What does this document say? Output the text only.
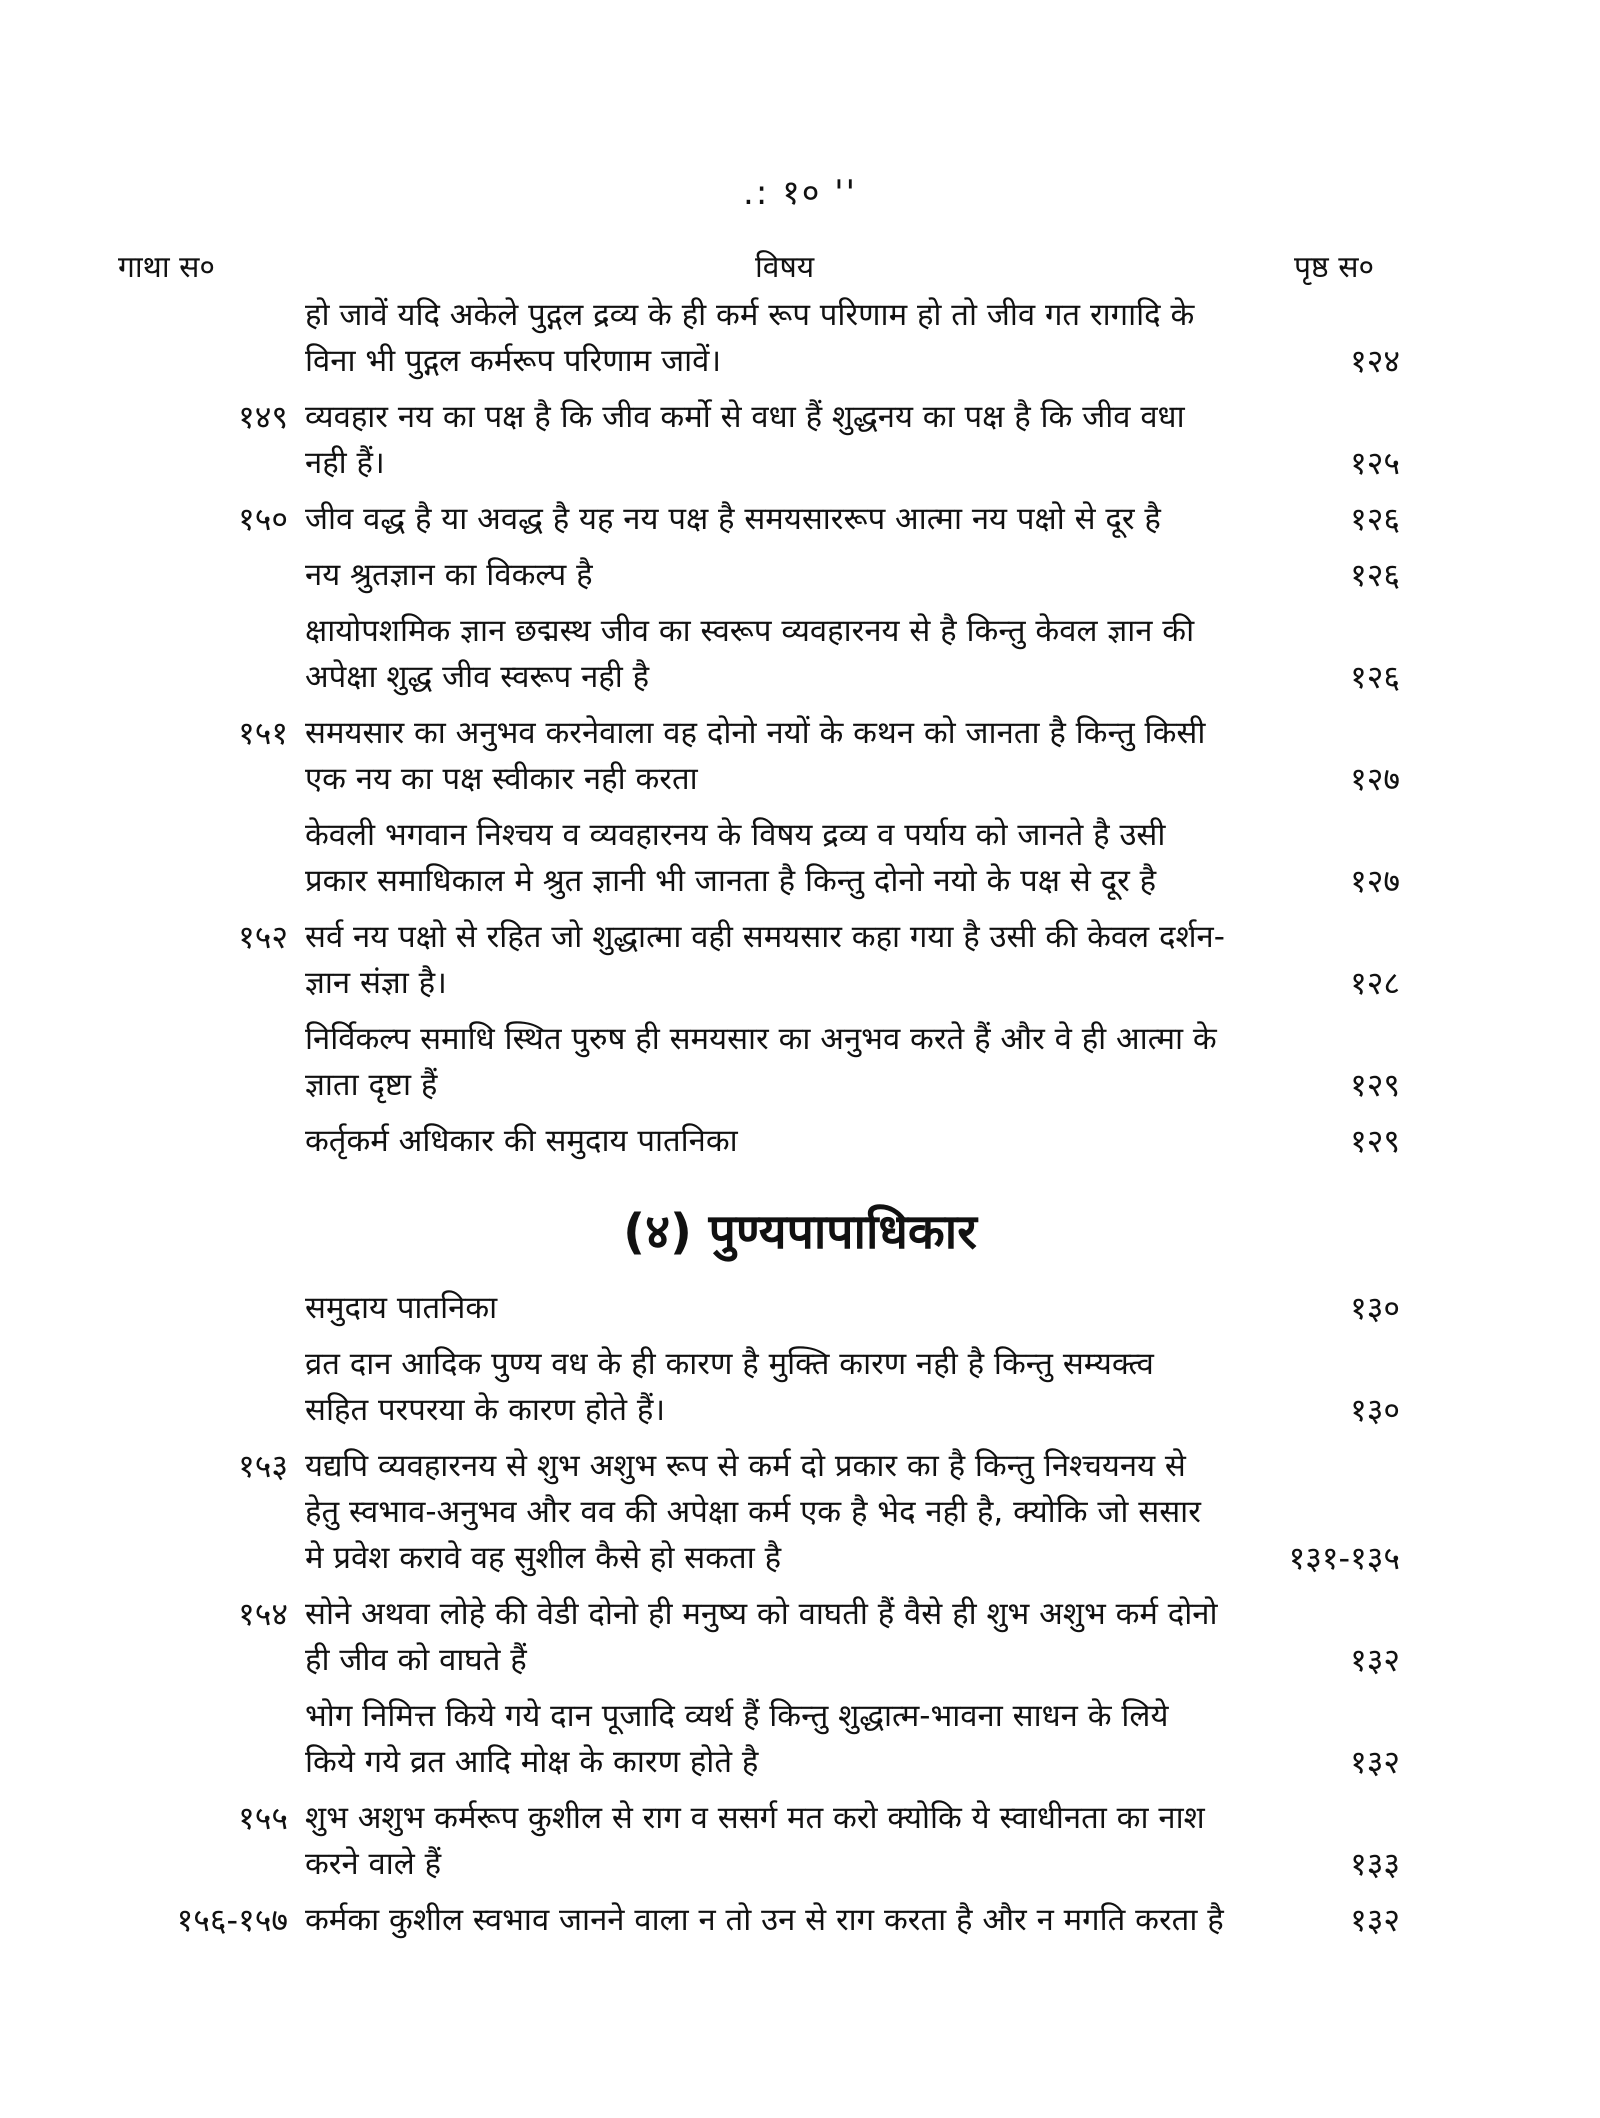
.: १० ''
गाथा स०	विषय	पृष्ठ स०
हो जावें यदि अकेले पुद्गल द्रव्य के ही कर्म रूप परिणाम हो तो जीव गत रागादि के विना भी पुद्गल कर्मरूप परिणाम जावें।	१२४
१४९ व्यवहार नय का पक्ष है कि जीव कर्मो से वधा हैं शुद्धनय का पक्ष है कि जीव वधा नही हैं।	१२५
१५० जीव वद्ध है या अवद्ध है यह नय पक्ष है समयसाररूप आत्मा नय पक्षो से दूर है	१२६
नय श्रुतज्ञान का विकल्प है	१२६
क्षायोपशमिक ज्ञान छद्मस्थ जीव का स्वरूप व्यवहारनय से है किन्तु केवल ज्ञान की अपेक्षा शुद्ध जीव स्वरूप नही है	१२६
१५१ समयसार का अनुभव करनेवाला वह दोनो नयों के कथन को जानता है किन्तु किसी एक नय का पक्ष स्वीकार नही करता	१२७
केवली भगवान निश्चय व व्यवहारनय के विषय द्रव्य व पर्याय को जानते है उसी प्रकार समाधिकाल मे श्रुत ज्ञानी भी जानता है किन्तु दोनो नयो के पक्ष से दूर है	१२७
१५२ सर्व नय पक्षो से रहित जो शुद्धात्मा वही समयसार कहा गया है उसी की केवल दर्शन-ज्ञान संज्ञा है।	१२८
निर्विकल्प समाधि स्थित पुरुष ही समयसार का अनुभव करते हैं और वे ही आत्मा के ज्ञाता दृष्टा हैं	१२९
कर्तृकर्म अधिकार की समुदाय पातनिका	१२९
(४) पुण्यपापाधिकार
समुदाय पातनिका	१३०
व्रत दान आदिक पुण्य वध के ही कारण है मुक्ति कारण नही है किन्तु सम्यक्त्व सहित परपरया के कारण होते हैं।	१३०
१५३ यद्यपि व्यवहारनय से शुभ अशुभ रूप से कर्म दो प्रकार का है किन्तु निश्चयनय से हेतु स्वभाव-अनुभव और वव की अपेक्षा कर्म एक है भेद नही है, क्योकि जो ससार मे प्रवेश करावे वह सुशील कैसे हो सकता है	१३१-१३५
१५४ सोने अथवा लोहे की वेडी दोनो ही मनुष्य को वाघती हैं वैसे ही शुभ अशुभ कर्म दोनो ही जीव को वाघते हैं	१३२
भोग निमित्त किये गये दान पूजादि व्यर्थ हैं किन्तु शुद्धात्म-भावना साधन के लिये किये गये व्रत आदि मोक्ष के कारण होते है	१३२
१५५ शुभ अशुभ कर्मरूप कुशील से राग व ससर्ग मत करो क्योकि ये स्वाधीनता का नाश करने वाले हैं	१३३
१५६-१५७ कर्मका कुशील स्वभाव जानने वाला न तो उन से राग करता है और न मगति करता है	१३२
